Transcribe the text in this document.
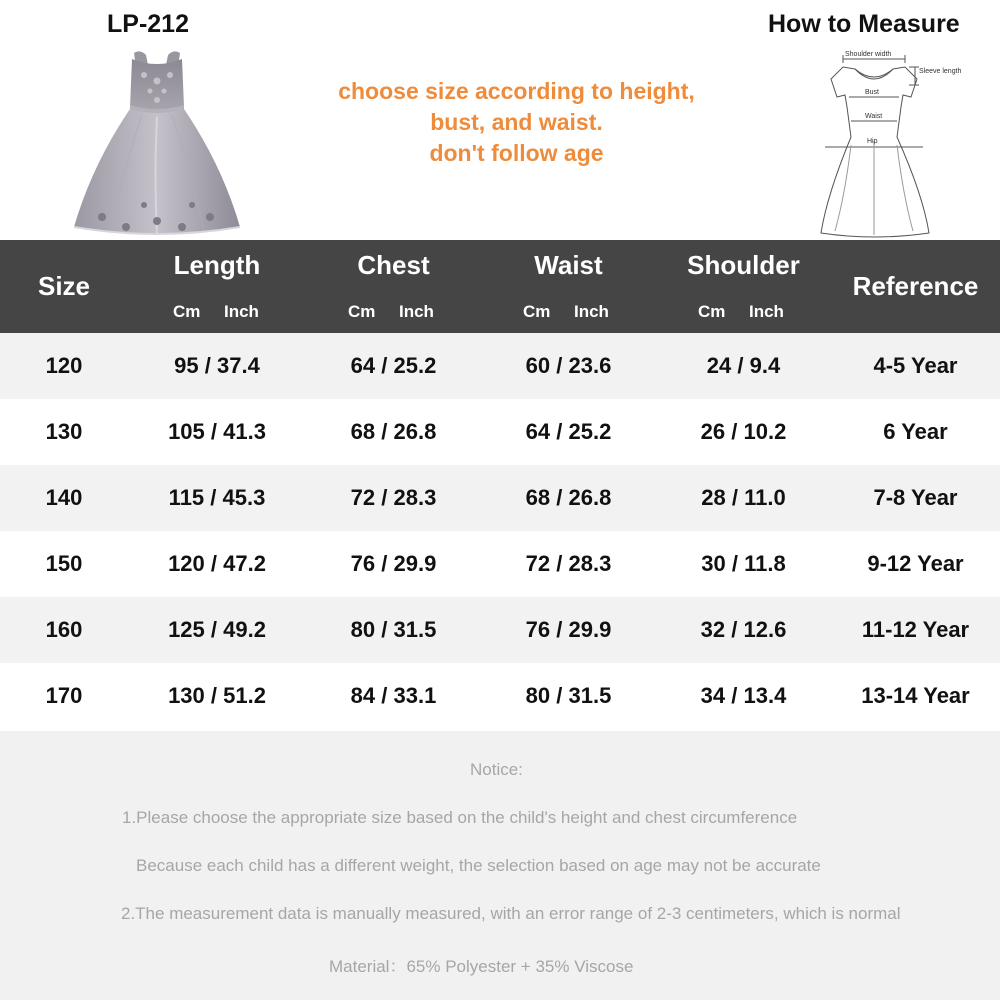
LP-212	How to Measure
choose size according to height,
bust, and waist.
don't follow age
Shoulder width
Sleeve length
Bust
Waist
Hip
Size
Length
Cm Inch
Chest
Cm Inch
Waist
Cm Inch
Shoulder
Cm Inch
Reference
120	95 / 37.4	64 / 25.2	60 / 23.6	24 / 9.4	4-5 Year
130	105 / 41.3	68 / 26.8	64 / 25.2	26 / 10.2	6 Year
140	115 / 45.3	72 / 28.3	68 / 26.8	28 / 11.0	7-8 Year
150	120 / 47.2	76 / 29.9	72 / 28.3	30 / 11.8	9-12 Year
160	125 / 49.2	80 / 31.5	76 / 29.9	32 / 12.6	11-12 Year
170	130 / 51.2	84 / 33.1	80 / 31.5	34 / 13.4	13-14 Year
Notice:
1.Please choose the appropriate size based on the child's height and chest circumference
Because each child has a different weight, the selection based on age may not be accurate
2.The measurement data is manually measured, with an error range of 2-3 centimeters, which is normal
Material：65% Polyester + 35% Viscose
